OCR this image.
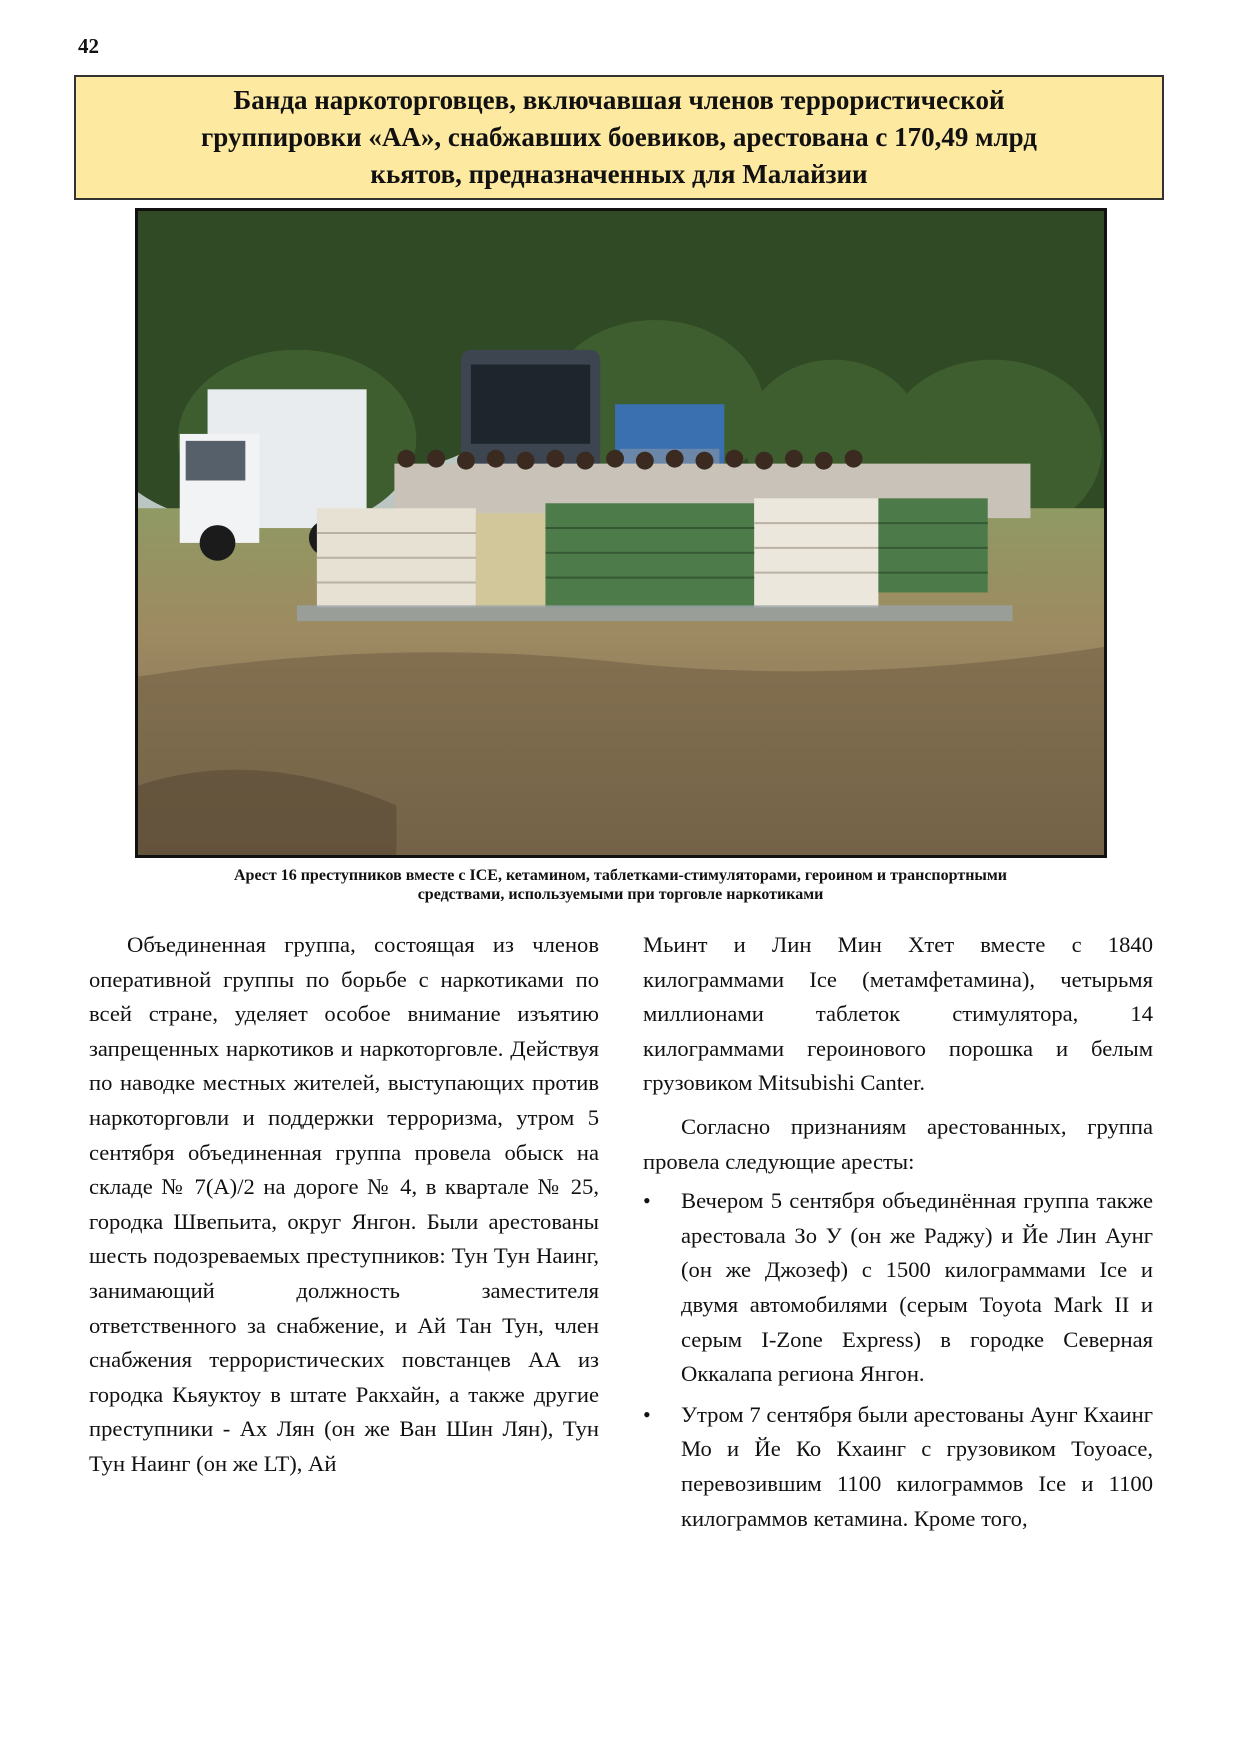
42
Банда наркоторговцев, включавшая членов террористической
группировки «АА», снабжавших боевиков, арестована с 170,49 млрд
кьятов, предназначенных для Малайзии
Арест 16 преступников вместе с ICE, кетамином, таблетками-стимуляторами, героином и транспортными
средствами, используемыми при торговле наркотиками

Объединенная группа, состоящая из членов оперативной группы по борьбе с наркотиками по всей стране, уделяет особое внимание изъятию запрещенных наркотиков и наркоторговле. Действуя по наводке местных жителей, выступающих против наркоторговли и поддержки терроризма, утром 5 сентября объединенная группа провела обыск на складе № 7(A)/2 на дороге № 4, в квартале № 25, городка Швепьита, округ Янгон. Были арестованы шесть подозреваемых преступников: Тун Тун Наинг, занимающий должность заместителя ответственного за снабжение, и Ай Тан Тун, член снабжения террористических повстанцев АА из городка Кьяуктоу в штате Ракхайн, а также другие преступники - Ах Лян (он же Ван Шин Лян), Тун Тун Наинг (он же LT), Ай

Мьинт и Лин Мин Хтет вместе с 1840 килограммами Ice (метамфетамина), четырьмя миллионами таблеток стимулятора, 14 килограммами героинового порошка и белым грузовиком Mitsubishi Canter.

Согласно признаниям арестованных, группа провела следующие аресты:

• Вечером 5 сентября объединённая группа также арестовала Зо У (он же Раджу) и Йе Лин Аунг (он же Джозеф) с 1500 килограммами Ice и двумя автомобилями (серым Toyota Mark II и серым I-Zone Express) в городке Северная Оккалапа региона Янгон.
• Утром 7 сентября были арестованы Аунг Кхаинг Мо и Йе Ко Кхаинг с грузовиком Toyoace, перевозившим 1100 килограммов Ice и 1100 килограммов кетамина. Кроме того,
